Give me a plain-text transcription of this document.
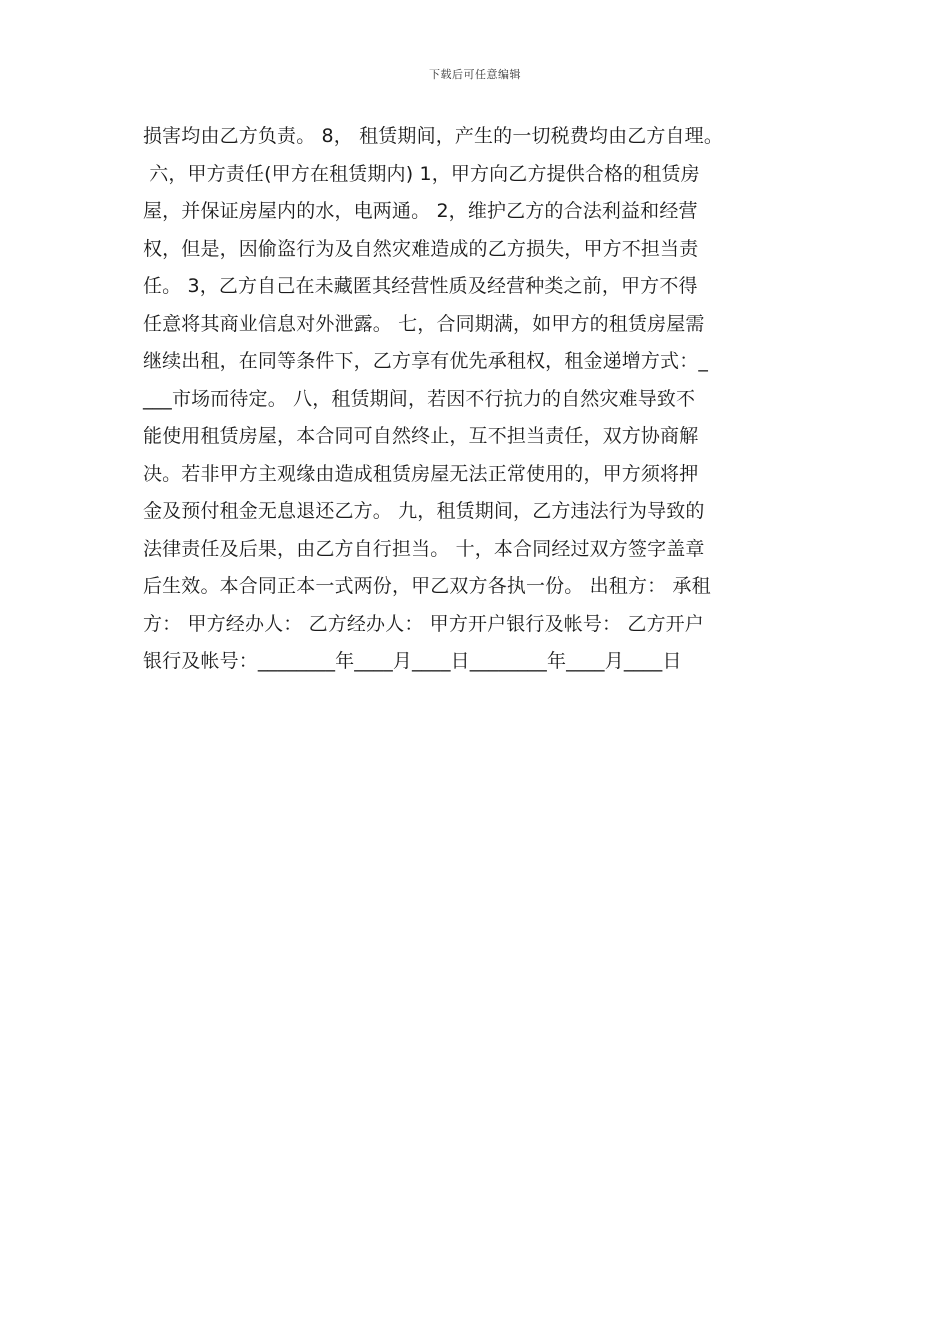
下载后可任意编辑
损害均由乙方负责。 8， 租赁期间，产生的一切税费均由乙方自理。
六，甲方责任(甲方在租赁期内) 1，甲方向乙方提供合格的租赁房
屋，并保证房屋内的水，电两通。 2，维护乙方的合法利益和经营
权，但是，因偷盗行为及自然灾难造成的乙方损失，甲方不担当责
任。 3，乙方自己在未藏匿其经营性质及经营种类之前，甲方不得
任意将其商业信息对外泄露。 七，合同期满，如甲方的租赁房屋需
继续出租，在同等条件下，乙方享有优先承租权，租金递增方式：_
___市场而待定。 八，租赁期间，若因不行抗力的自然灾难导致不
能使用租赁房屋，本合同可自然终止，互不担当责任，双方协商解
决。若非甲方主观缘由造成租赁房屋无法正常使用的，甲方须将押
金及预付租金无息退还乙方。 九，租赁期间，乙方违法行为导致的
法律责任及后果，由乙方自行担当。 十，本合同经过双方签字盖章
后生效。本合同正本一式两份，甲乙双方各执一份。 出租方： 承租
方： 甲方经办人： 乙方经办人： 甲方开户银行及帐号： 乙方开户
银行及帐号：________年____月____日________年____月____日
